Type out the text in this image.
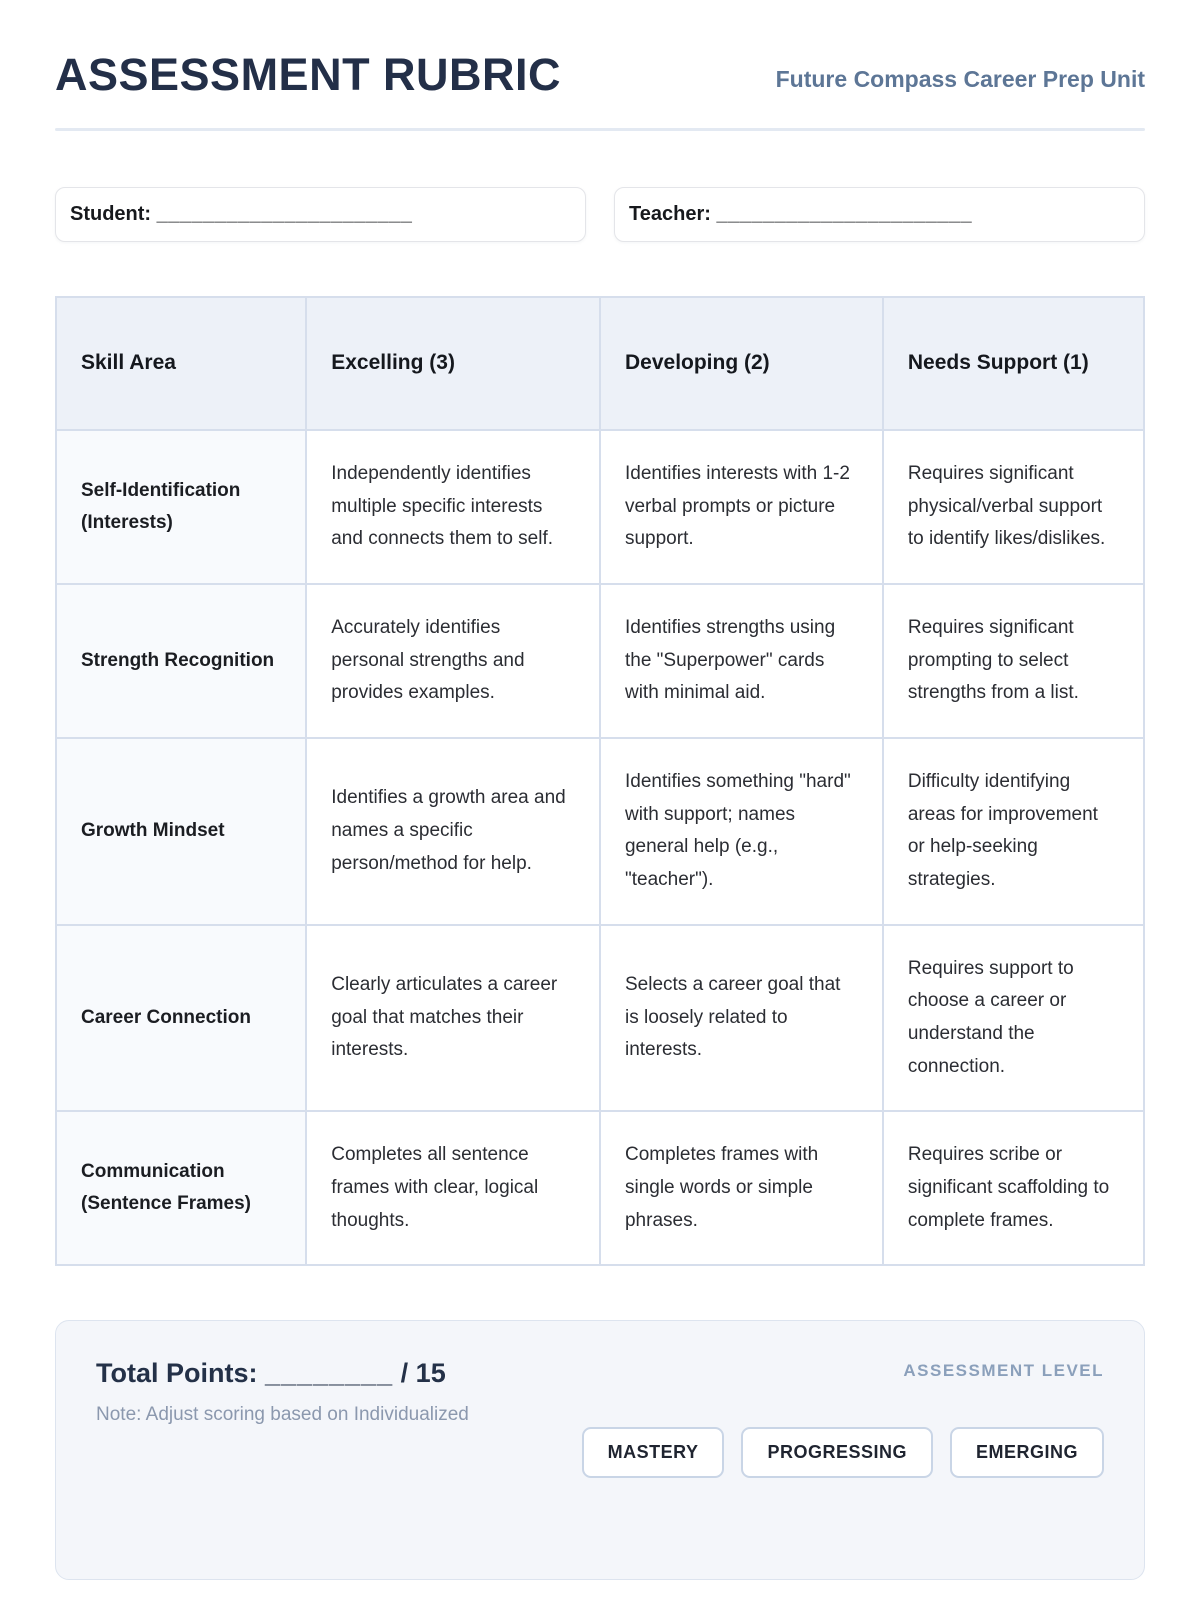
ASSESSMENT RUBRIC	Future Compass Career Prep Unit
Student: ______________________	Teacher: ______________________
Skill Area	Excelling (3)	Developing (2)	Needs Support (1)
Self-Identification (Interests)	Independently identifies multiple specific interests and connects them to self.	Identifies interests with 1-2 verbal prompts or picture support.	Requires significant physical/verbal support to identify likes/dislikes.
Strength Recognition	Accurately identifies personal strengths and provides examples.	Identifies strengths using the "Superpower" cards with minimal aid.	Requires significant prompting to select strengths from a list.
Growth Mindset	Identifies a growth area and names a specific person/method for help.	Identifies something "hard" with support; names general help (e.g., "teacher").	Difficulty identifying areas for improvement or help-seeking strategies.
Career Connection	Clearly articulates a career goal that matches their interests.	Selects a career goal that is loosely related to interests.	Requires support to choose a career or understand the connection.
Communication (Sentence Frames)	Completes all sentence frames with clear, logical thoughts.	Completes frames with single words or simple phrases.	Requires scribe or significant scaffolding to complete frames.
Total Points: ________ / 15
Note: Adjust scoring based on Individualized
ASSESSMENT LEVEL
MASTERY	PROGRESSING	EMERGING
